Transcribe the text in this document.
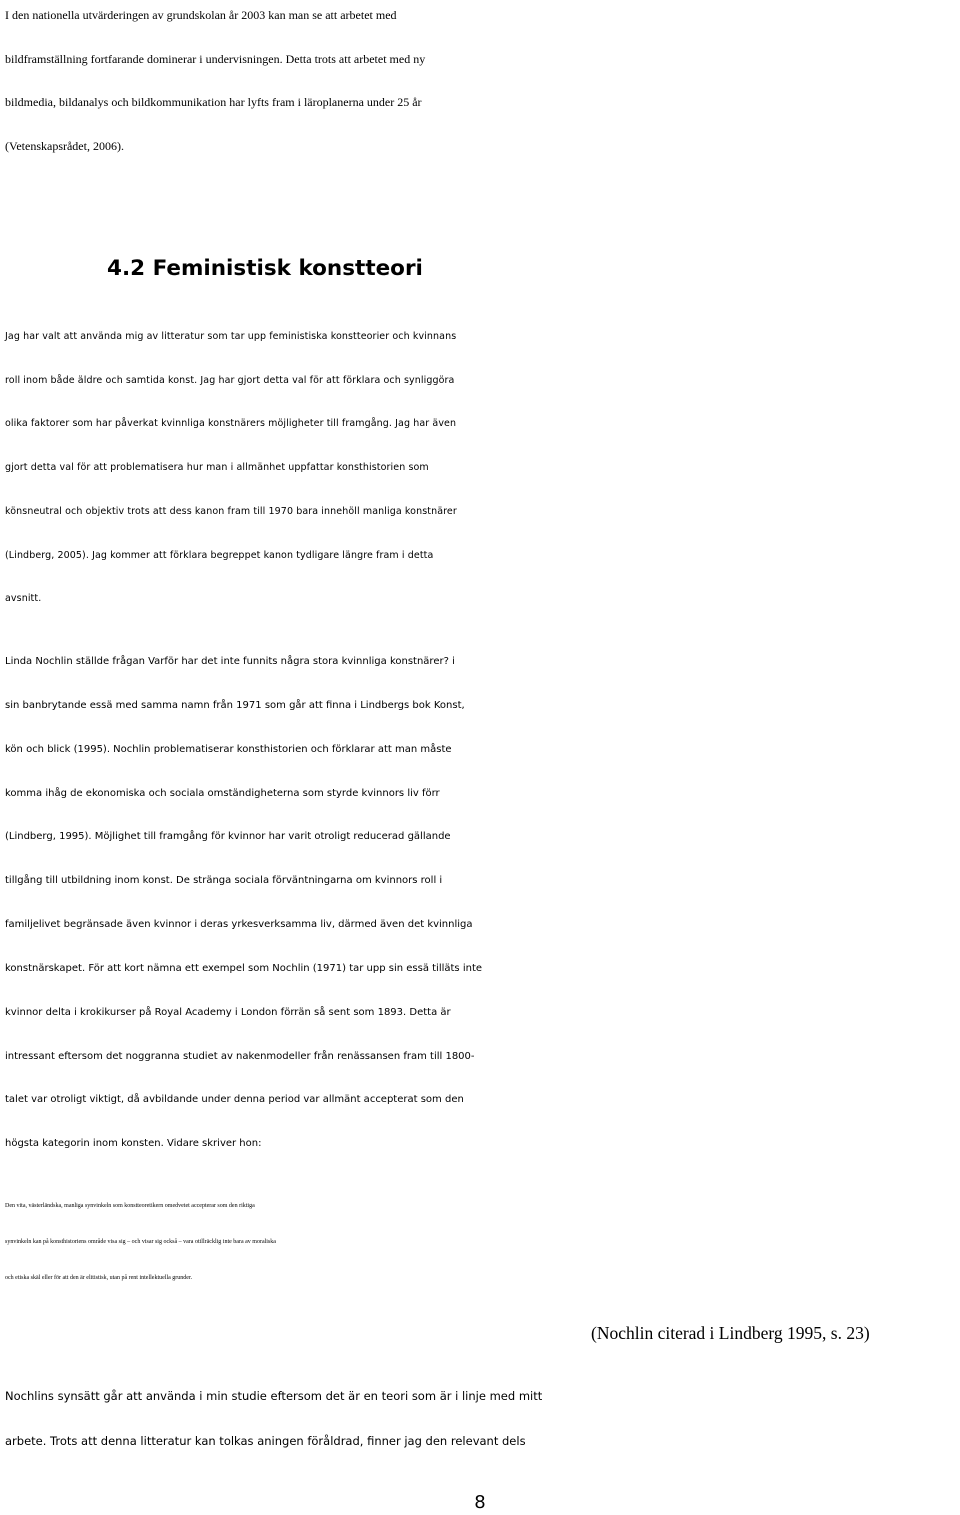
I den nationella utvärderingen av grundskolan år 2003 kan man se att arbetet med
bildframställning fortfarande dominerar i undervisningen. Detta trots att arbetet med ny
bildmedia, bildanalys och bildkommunikation har lyfts fram i läroplanerna under 25 år
(Vetenskapsrådet, 2006).

4.2 Feministisk konstteori

Jag har valt att använda mig av litteratur som tar upp feministiska konstteorier och kvinnans
roll inom både äldre och samtida konst. Jag har gjort detta val för att förklara och synliggöra
olika faktorer som har påverkat kvinnliga konstnärers möjligheter till framgång. Jag har även
gjort detta val för att problematisera hur man i allmänhet uppfattar konsthistorien som
könsneutral och objektiv trots att dess kanon fram till 1970 bara innehöll manliga konstnärer
(Lindberg, 2005). Jag kommer att förklara begreppet kanon tydligare längre fram i detta
avsnitt.

Linda Nochlin ställde frågan Varför har det inte funnits några stora kvinnliga konstnärer? i
sin banbrytande essä med samma namn från 1971 som går att finna i Lindbergs bok Konst,
kön och blick (1995). Nochlin problematiserar konsthistorien och förklarar att man måste
komma ihåg de ekonomiska och sociala omständigheterna som styrde kvinnors liv förr
(Lindberg, 1995). Möjlighet till framgång för kvinnor har varit otroligt reducerad gällande
tillgång till utbildning inom konst. De stränga sociala förväntningarna om kvinnors roll i
familjelivet begränsade även kvinnor i deras yrkesverksamma liv, därmed även det kvinnliga
konstnärskapet. För att kort nämna ett exempel som Nochlin (1971) tar upp sin essä tilläts inte
kvinnor delta i krokikurser på Royal Academy i London förrän så sent som 1893. Detta är
intressant eftersom det noggranna studiet av nakenmodeller från renässansen fram till 1800-
talet var otroligt viktigt, då avbildande under denna period var allmänt accepterat som den
högsta kategorin inom konsten. Vidare skriver hon:

Den vita, västerländska, manliga synvinkeln som konstteoretikern omedvetet accepterar som den riktiga
synvinkeln kan på konsthistoriens område visa sig – och visar sig också – vara otillräcklig inte bara av moraliska
och etiska skäl eller för att den är elitistisk, utan på rent intellektuella grunder.

(Nochlin citerad i Lindberg 1995, s. 23)

Nochlins synsätt går att använda i min studie eftersom det är en teori som är i linje med mitt
arbete. Trots att denna litteratur kan tolkas aningen föråldrad, finner jag den relevant dels

8
